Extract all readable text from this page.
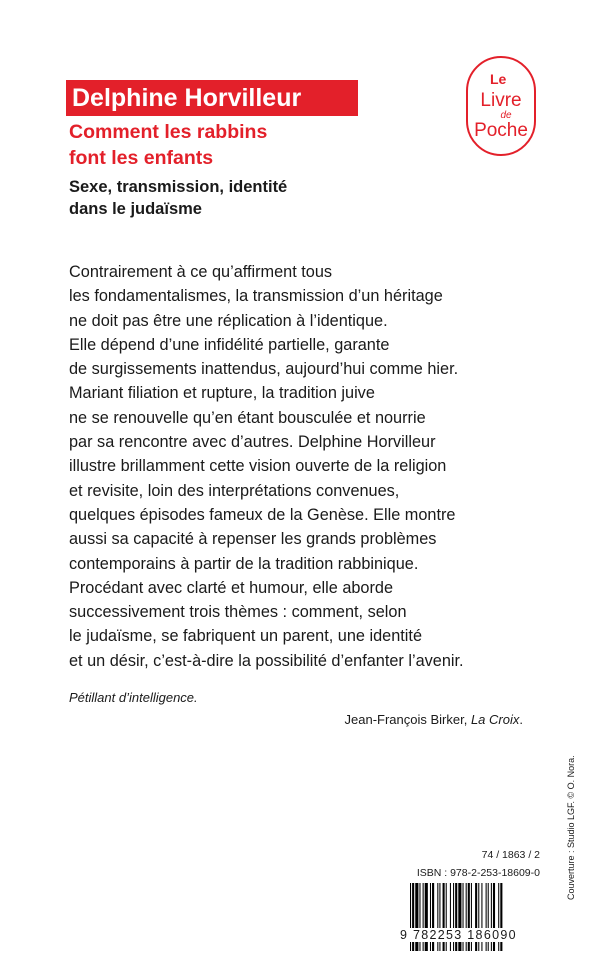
Delphine Horvilleur
Comment les rabbins
font les enfants
Sexe, transmission, identité
dans le judaïsme
Le
Livre
de
Poche

Contrairement à ce qu’affirment tous
les fondamentalismes, la transmission d’un héritage
ne doit pas être une réplication à l’identique.
Elle dépend d’une infidélité partielle, garante
de surgissements inattendus, aujourd’hui comme hier.
Mariant filiation et rupture, la tradition juive
ne se renouvelle qu’en étant bousculée et nourrie
par sa rencontre avec d’autres. Delphine Horvilleur
illustre brillamment cette vision ouverte de la religion
et revisite, loin des interprétations convenues,
quelques épisodes fameux de la Genèse. Elle montre
aussi sa capacité à repenser les grands problèmes
contemporains à partir de la tradition rabbinique.
Procédant avec clarté et humour, elle aborde
successivement trois thèmes : comment, selon
le judaïsme, se fabriquent un parent, une identité
et un désir, c’est-à-dire la possibilité d’enfanter l’avenir.

Pétillant d’intelligence.

Jean-François Birker, La Croix.

74 / 1863 / 2
ISBN : 978-2-253-18609-0
9 782253 186090
Couverture : Studio LGF. © O. Nora.
